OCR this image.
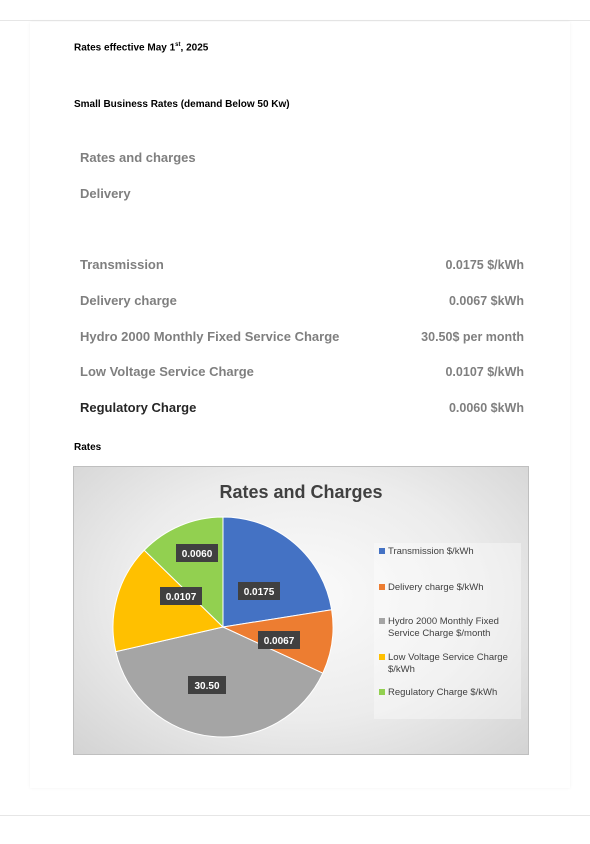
Rates effective May 1st, 2025
Small Business Rates (demand Below 50 Kw)
Rates and charges
Delivery
Transmission	0.0175 $/kWh
Delivery charge	0.0067 $kWh
Hydro 2000 Monthly Fixed Service Charge	30.50$ per month
Low Voltage Service Charge	0.0107 $/kWh
Regulatory Charge	0.0060 $kWh
Rates
Rates and Charges
0.0175
0.0067
30.50
0.0107
0.0060	Transmission $/kWh
Delivery charge $/kWh
Hydro 2000 Monthly Fixed Service Charge $/month
Low Voltage Service Charge $/kWh
Regulatory Charge $/kWh
